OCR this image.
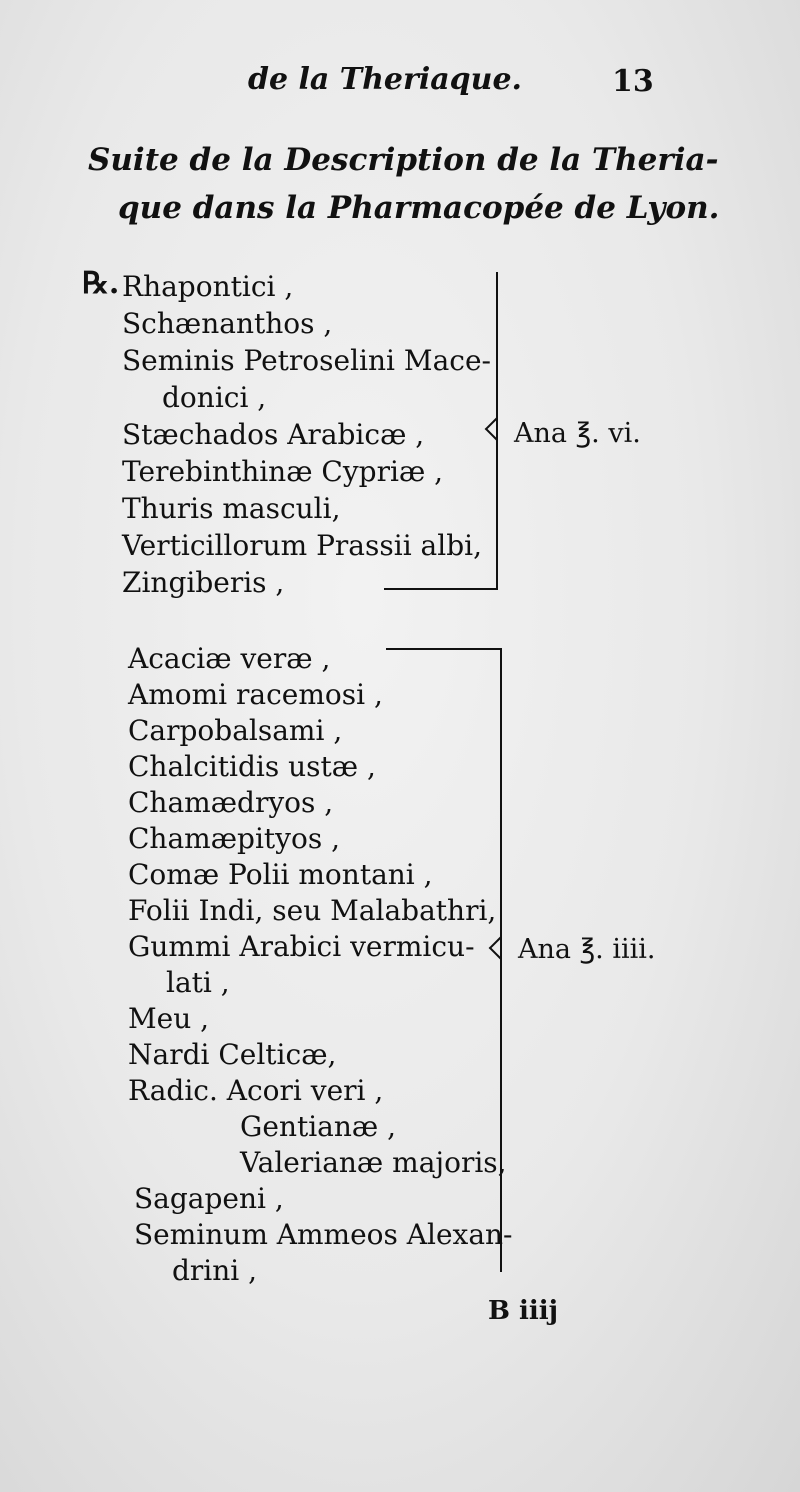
de la Theriaque.	13
Suite de la Description de la Theria-
que dans la Pharmacopée de Lyon.
℞. Rhapontici ,
Schænanthos ,
Seminis Petroselini Mace-
donici ,
Stæchados Arabicæ ,
Terebinthinæ Cypriæ ,
Thuris masculi,
Verticillorum Prassii albi,
Zingiberis ,
Ana ℥. vi.
Acaciæ veræ ,
Amomi racemosi ,
Carpobalsami ,
Chalcitidis ustæ ,
Chamædryos ,
Chamæpityos ,
Comæ Polii montani ,
Folii Indi, seu Malabathri,
Gummi Arabici vermicu-
lati ,
Meu ,
Nardi Celticæ,
Radic. Acori veri ,
Gentianæ ,
Valerianæ majoris,
Sagapeni ,
Seminum Ammeos Alexan-
drini ,
Ana ℥. iiii.
B iiij
